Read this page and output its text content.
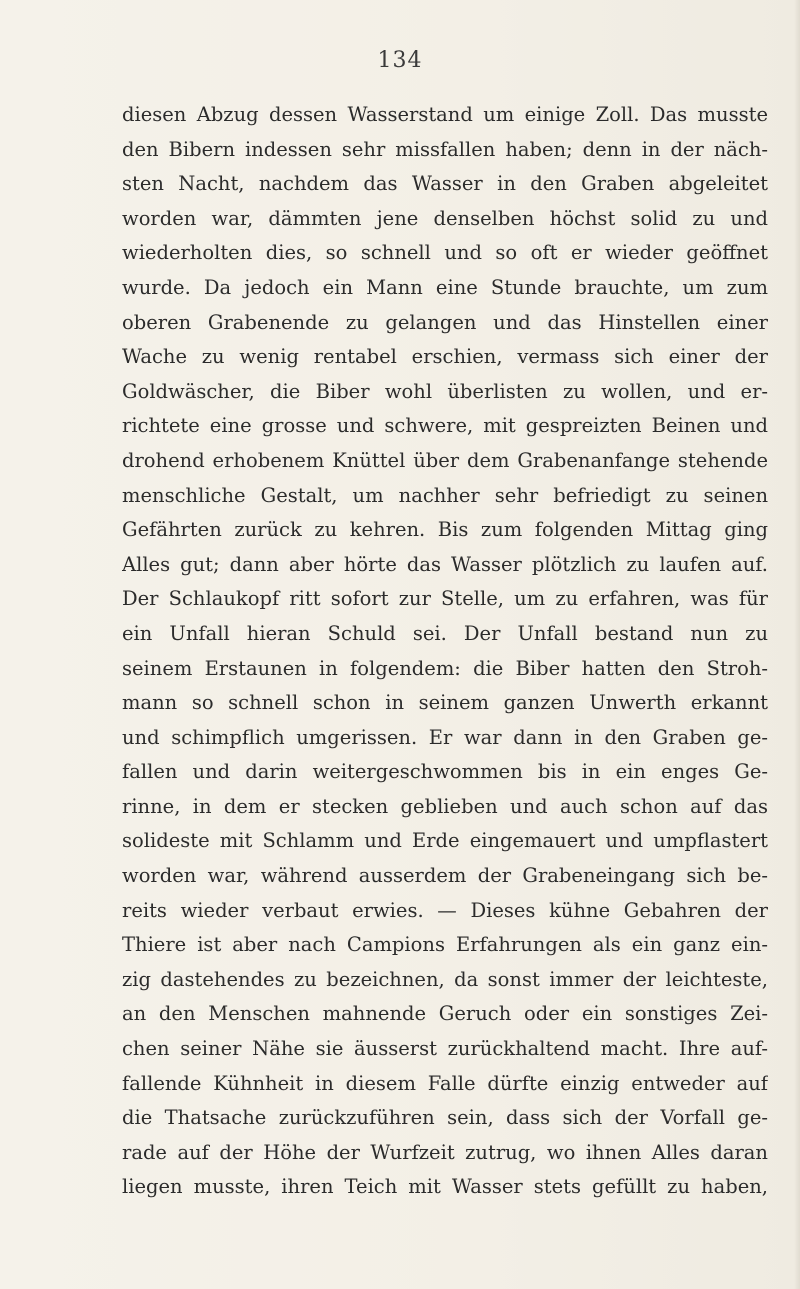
134
diesen Abzug dessen Wasserstand um einige Zoll. Das musste
den Bibern indessen sehr missfallen haben; denn in der näch-
sten Nacht, nachdem das Wasser in den Graben abgeleitet
worden war, dämmten jene denselben höchst solid zu und
wiederholten dies, so schnell und so oft er wieder geöffnet
wurde. Da jedoch ein Mann eine Stunde brauchte, um zum
oberen Grabenende zu gelangen und das Hinstellen einer
Wache zu wenig rentabel erschien, vermass sich einer der
Goldwäscher, die Biber wohl überlisten zu wollen, und er-
richtete eine grosse und schwere, mit gespreizten Beinen und
drohend erhobenem Knüttel über dem Grabenanfange stehende
menschliche Gestalt, um nachher sehr befriedigt zu seinen
Gefährten zurück zu kehren. Bis zum folgenden Mittag ging
Alles gut; dann aber hörte das Wasser plötzlich zu laufen auf.
Der Schlaukopf ritt sofort zur Stelle, um zu erfahren, was für
ein Unfall hieran Schuld sei. Der Unfall bestand nun zu
seinem Erstaunen in folgendem: die Biber hatten den Stroh-
mann so schnell schon in seinem ganzen Unwerth erkannt
und schimpflich umgerissen. Er war dann in den Graben ge-
fallen und darin weitergeschwommen bis in ein enges Ge-
rinne, in dem er stecken geblieben und auch schon auf das
solideste mit Schlamm und Erde eingemauert und umpflastert
worden war, während ausserdem der Grabeneingang sich be-
reits wieder verbaut erwies. — Dieses kühne Gebahren der
Thiere ist aber nach Campions Erfahrungen als ein ganz ein-
zig dastehendes zu bezeichnen, da sonst immer der leichteste,
an den Menschen mahnende Geruch oder ein sonstiges Zei-
chen seiner Nähe sie äusserst zurückhaltend macht. Ihre auf-
fallende Kühnheit in diesem Falle dürfte einzig entweder auf
die Thatsache zurückzuführen sein, dass sich der Vorfall ge-
rade auf der Höhe der Wurfzeit zutrug, wo ihnen Alles daran
liegen musste, ihren Teich mit Wasser stets gefüllt zu haben,
